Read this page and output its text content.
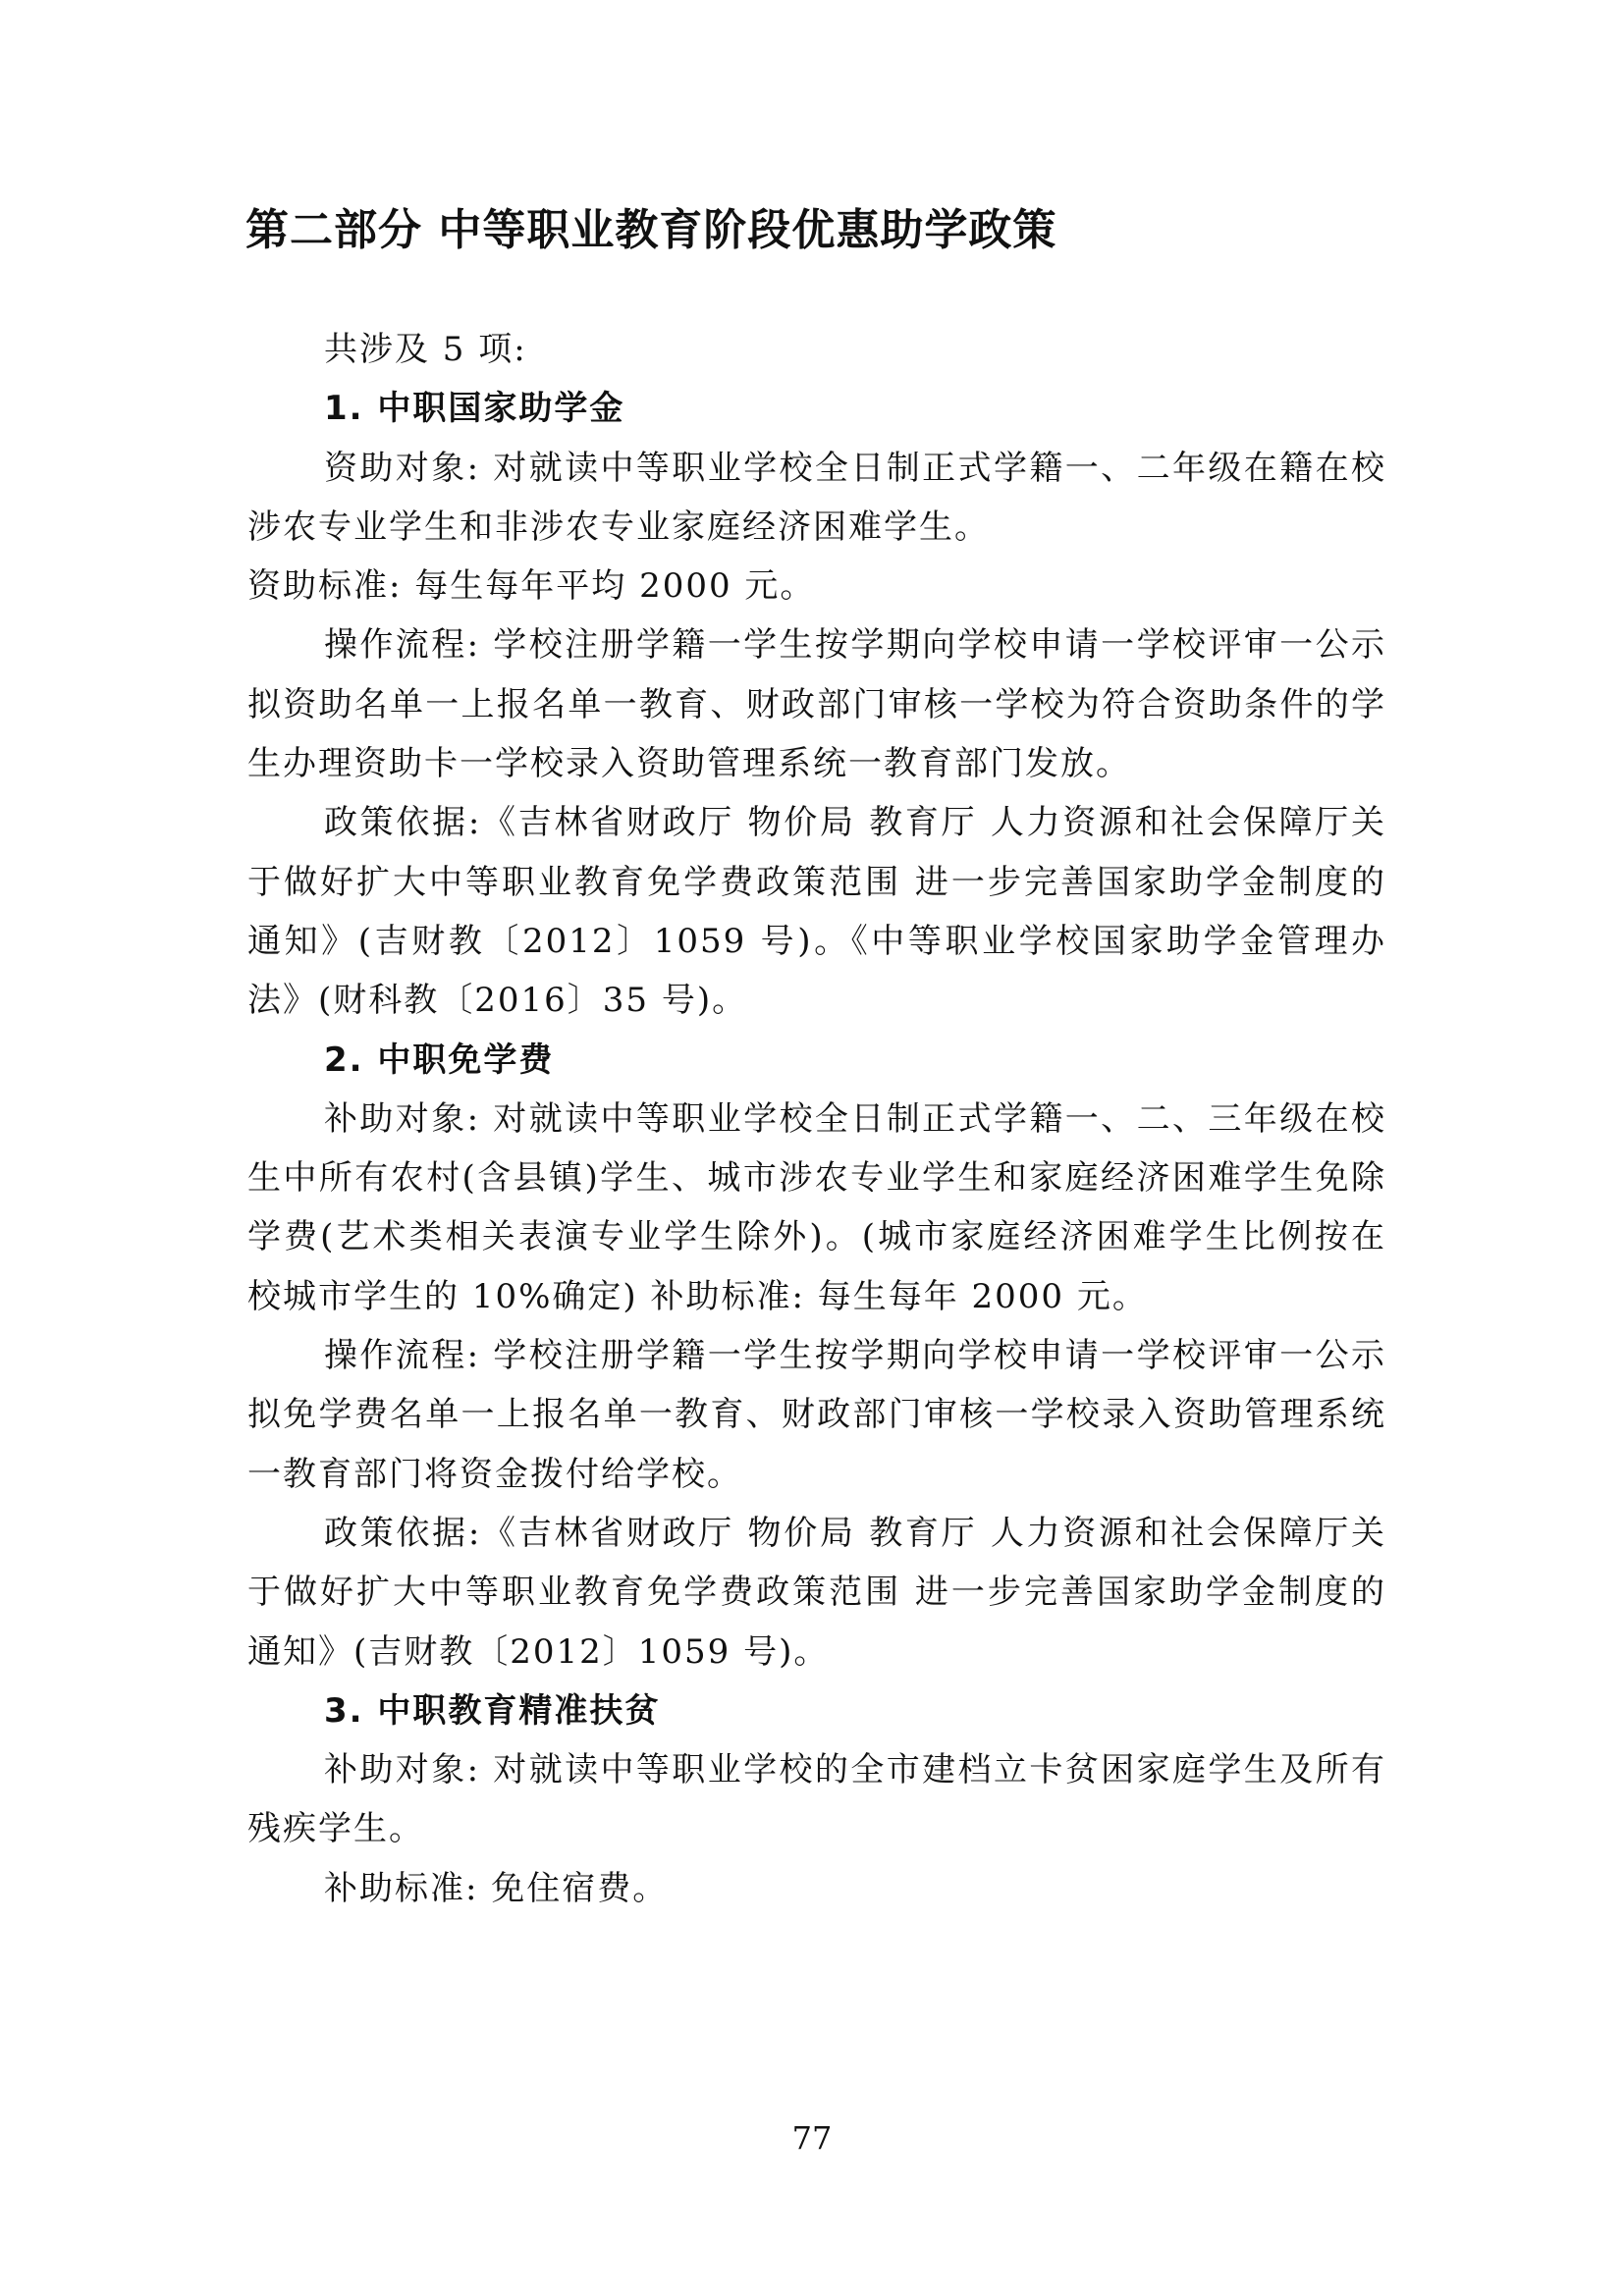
第二部分 中等职业教育阶段优惠助学政策

共涉及 5 项:

1. 中职国家助学金

资助对象: 对就读中等职业学校全日制正式学籍一、二年级在籍在校涉农专业学生和非涉农专业家庭经济困难学生。

资助标准: 每生每年平均 2000 元。

操作流程: 学校注册学籍一学生按学期向学校申请一学校评审一公示拟资助名单一上报名单一教育、财政部门审核一学校为符合资助条件的学生办理资助卡一学校录入资助管理系统一教育部门发放。

政策依据:《吉林省财政厅 物价局 教育厅 人力资源和社会保障厅关于做好扩大中等职业教育免学费政策范围 进一步完善国家助学金制度的通知》(吉财教〔2012〕1059 号)。《中等职业学校国家助学金管理办法》(财科教〔2016〕35 号)。

2. 中职免学费

补助对象: 对就读中等职业学校全日制正式学籍一、二、三年级在校生中所有农村(含县镇)学生、城市涉农专业学生和家庭经济困难学生免除学费(艺术类相关表演专业学生除外)。(城市家庭经济困难学生比例按在校城市学生的 10%确定) 补助标准: 每生每年 2000 元。

操作流程: 学校注册学籍一学生按学期向学校申请一学校评审一公示拟免学费名单一上报名单一教育、财政部门审核一学校录入资助管理系统一教育部门将资金拨付给学校。

政策依据:《吉林省财政厅 物价局 教育厅 人力资源和社会保障厅关于做好扩大中等职业教育免学费政策范围 进一步完善国家助学金制度的通知》(吉财教〔2012〕1059 号)。

3. 中职教育精准扶贫

补助对象: 对就读中等职业学校的全市建档立卡贫困家庭学生及所有残疾学生。

补助标准: 免住宿费。

77
